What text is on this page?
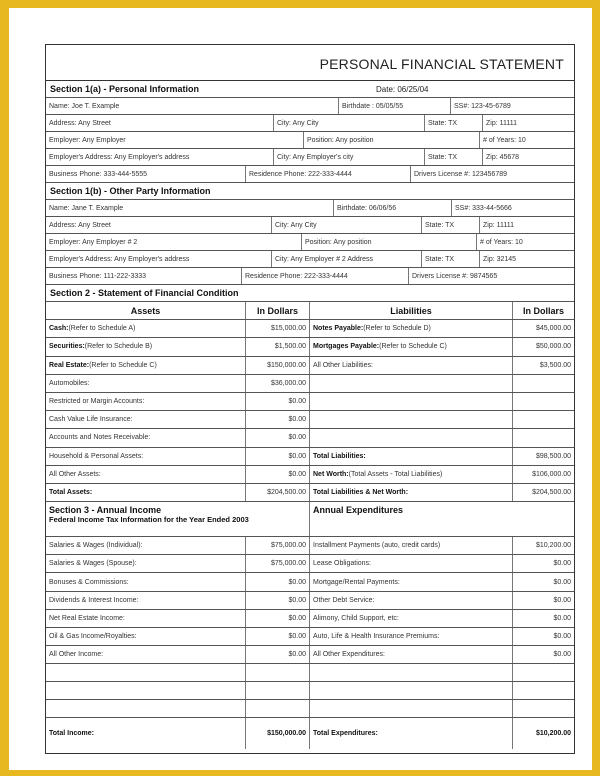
PERSONAL FINANCIAL STATEMENT
Section 1(a) - Personal Information	Date: 06/25/04
Name: Joe T. Example	Birthdate : 05/05/55	SS#: 123-45-6789
Address: Any Street	City: Any City	State: TX	Zip: 11111
Employer: Any Employer	Position: Any position	# of Years: 10
Employer's Address: Any Employer's address	City: Any Employer's city	State: TX	Zip: 45678
Business Phone: 333-444-5555	Residence Phone: 222-333-4444	Drivers License #: 123456789
Section 1(b) - Other Party Information
Name: Jane T. Example	Birthdate: 06/06/56	SS#: 333-44-5666
Address: Any Street	City: Any City	State: TX	Zip: 11111
Employer: Any Employer # 2	Position: Any position	# of Years: 10
Employer's Address: Any Employer's address	City: Any Employer # 2 Address	State: TX	Zip: 32145
Business Phone: 111-222-3333	Residence Phone: 222-333-4444	Drivers License #: 9874565
Section 2 - Statement of Financial Condition
Assets	In Dollars	Liabilities	In Dollars
Cash: (Refer to Schedule A)	$15,000.00	Notes Payable: (Refer to Schedule D)	$45,000.00
Securities: (Refer to Schedule B)	$1,500.00	Mortgages Payable: (Refer to Schedule C)	$50,000.00
Real Estate: (Refer to Schedule C)	$150,000.00	All Other Liabilities:	$3,500.00
Automobiles:	$36,000.00
Restricted or Margin Accounts:	$0.00
Cash Value Life Insurance:	$0.00
Accounts and Notes Receivable:	$0.00
Household & Personal Assets:	$0.00	Total Liabilities:	$98,500.00
All Other Assets:	$0.00	Net Worth: (Total Assets - Total Liabilities)	$106,000.00
Total Assets:	$204,500.00	Total Liabilities & Net Worth:	$204,500.00
Section 3 - Annual Income
Federal Income Tax Information for the Year Ended 2003
Annual Expenditures
Salaries & Wages (Individual):	$75,000.00	Installment Payments (auto, credit cards)	$10,200.00
Salaries & Wages (Spouse):	$75,000.00	Lease Obligations:	$0.00
Bonuses & Commissions:	$0.00	Mortgage/Rental Payments:	$0.00
Dividends & Interest Income:	$0.00	Other Debt Service:	$0.00
Net Real Estate Income:	$0.00	Alimony, Child Support, etc:	$0.00
Oil & Gas Income/Royalties:	$0.00	Auto, Life & Health Insurance Premiums:	$0.00
All Other Income:	$0.00	All Other Expenditures:	$0.00
Total Income:	$150,000.00	Total Expenditures:	$10,200.00
